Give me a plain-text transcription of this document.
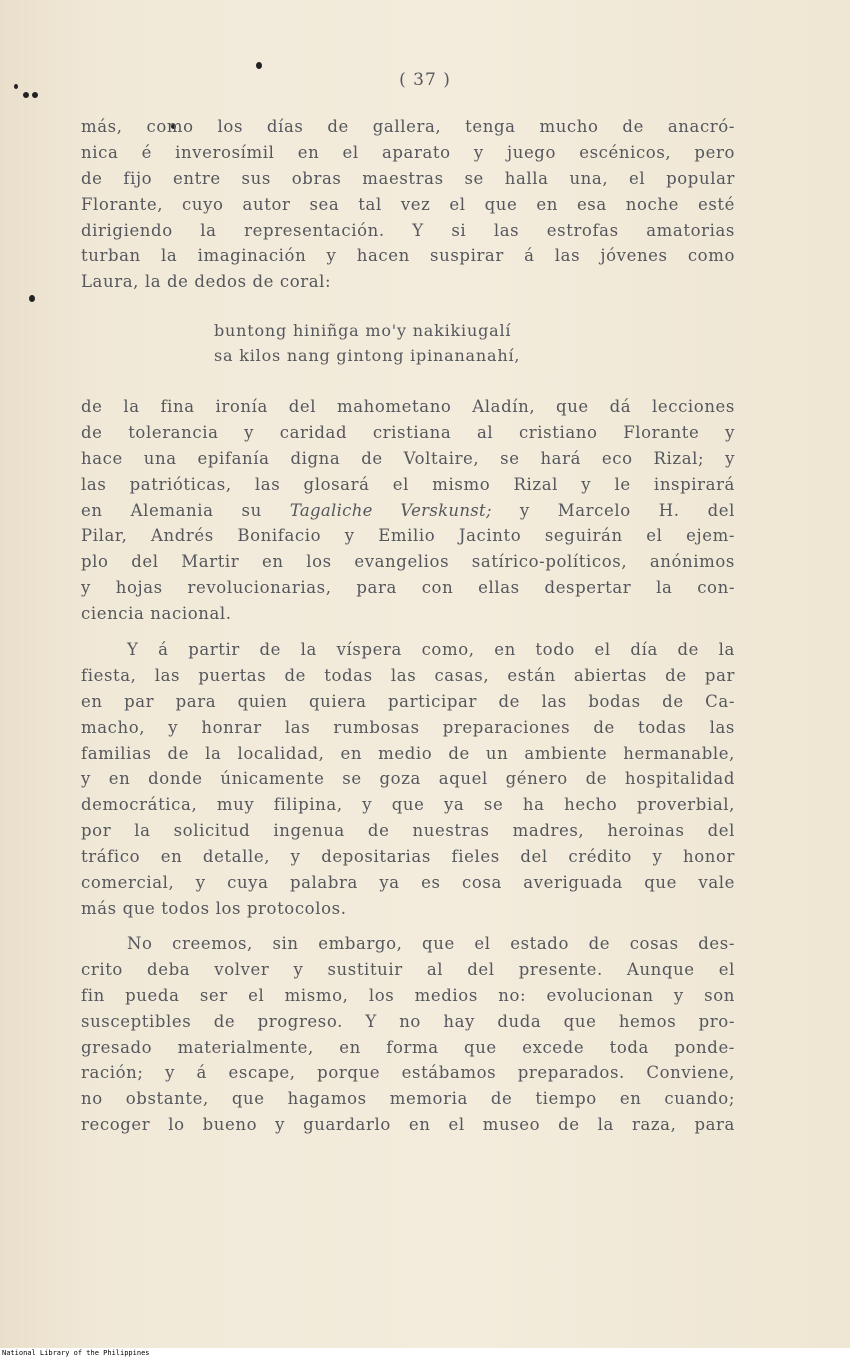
( 37 )
más, como los días de gallera, tenga mucho de anacró-
nica é inverosímil en el aparato y juego escénicos, pero
de fijo entre sus obras maestras se halla una, el popular
Florante, cuyo autor sea tal vez el que en esa noche esté
dirigiendo la representación. Y si las estrofas amatorias
turban la imaginación y hacen suspirar á las jóvenes como
Laura, la de dedos de coral:
buntong hiniñga mo'y nakikiugalí
sa kilos nang gintong ipinananahí,
de la fina ironía del mahometano Aladín, que dá lecciones
de tolerancia y caridad cristiana al cristiano Florante y
hace una epifanía digna de Voltaire, se hará eco Rizal; y
las patrióticas, las glosará el mismo Rizal y le inspirará
en Alemania su Tagaliche Verskunst; y Marcelo H. del
Pilar, Andrés Bonifacio y Emilio Jacinto seguirán el ejem-
plo del Martir en los evangelios satírico-políticos, anónimos
y hojas revolucionarias, para con ellas despertar la con-
ciencia nacional.
Y á partir de la víspera como, en todo el día de la
fiesta, las puertas de todas las casas, están abiertas de par
en par para quien quiera participar de las bodas de Ca-
macho, y honrar las rumbosas preparaciones de todas las
familias de la localidad, en medio de un ambiente hermanable,
y en donde únicamente se goza aquel género de hospitalidad
democrática, muy filipina, y que ya se ha hecho proverbial,
por la solicitud ingenua de nuestras madres, heroinas del
tráfico en detalle, y depositarias fieles del crédito y honor
comercial, y cuya palabra ya es cosa averiguada que vale
más que todos los protocolos.
No creemos, sin embargo, que el estado de cosas des-
crito deba volver y sustituir al del presente. Aunque el
fin pueda ser el mismo, los medios no: evolucionan y son
susceptibles de progreso. Y no hay duda que hemos pro-
gresado materialmente, en forma que excede toda ponde-
ración; y á escape, porque estábamos preparados. Conviene,
no obstante, que hagamos memoria de tiempo en cuando;
recoger lo bueno y guardarlo en el museo de la raza, para
National Library of the Philippines
